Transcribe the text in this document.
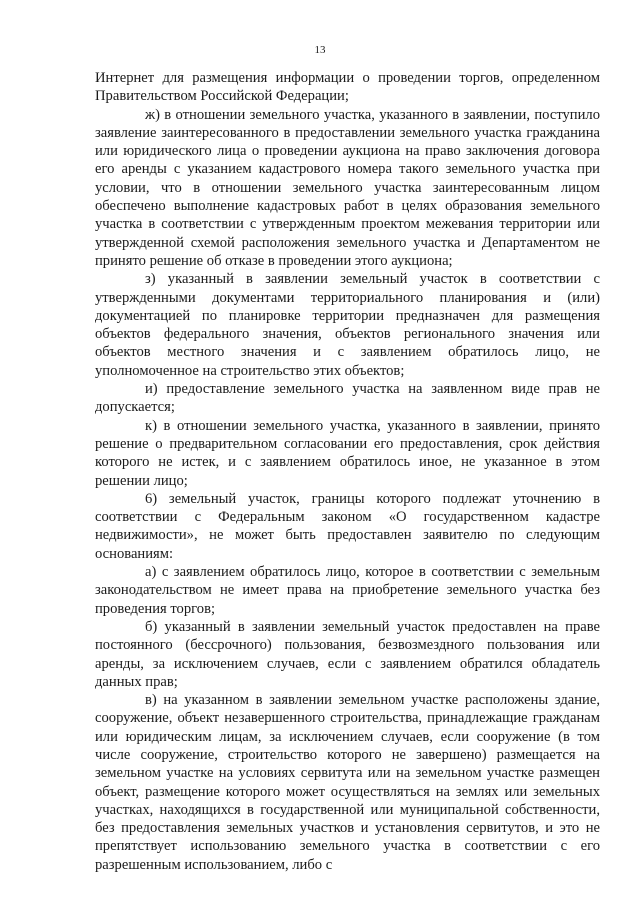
13

Интернет для размещения информации о проведении торгов, определенном Правительством Российской Федерации;

ж) в отношении земельного участка, указанного в заявлении, поступило заявление заинтересованного в предоставлении земельного участка гражданина или юридического лица о проведении аукциона на право заключения договора его аренды с указанием кадастрового номера такого земельного участка при условии, что в отношении земельного участка заинтересованным лицом обеспечено выполнение кадастровых работ в целях образования земельного участка в соответствии с утвержденным проектом межевания территории или утвержденной схемой расположения земельного участка и Департаментом не принято решение об отказе в проведении этого аукциона;

з) указанный в заявлении земельный участок в соответствии с утвержденными документами территориального планирования и (или) документацией по планировке территории предназначен для размещения объектов федерального значения, объектов регионального значения или объектов местного значения и с заявлением обратилось лицо, не уполномоченное на строительство этих объектов;

и) предоставление земельного участка на заявленном виде прав не допускается;

к) в отношении земельного участка, указанного в заявлении, принято решение о предварительном согласовании его предоставления, срок действия которого не истек, и с заявлением обратилось иное, не указанное в этом решении лицо;

6) земельный участок, границы которого подлежат уточнению в соответствии с Федеральным законом «О государственном кадастре недвижимости», не может быть предоставлен заявителю по следующим основаниям:

а) с заявлением обратилось лицо, которое в соответствии с земельным законодательством не имеет права на приобретение земельного участка без проведения торгов;

б) указанный в заявлении земельный участок предоставлен на праве постоянного (бессрочного) пользования, безвозмездного пользования или аренды, за исключением случаев, если с заявлением обратился обладатель данных прав;

в) на указанном в заявлении земельном участке расположены здание, сооружение, объект незавершенного строительства, принадлежащие гражданам или юридическим лицам, за исключением случаев, если сооружение (в том числе сооружение, строительство которого не завершено) размещается на земельном участке на условиях сервитута или на земельном участке размещен объект, размещение которого может осуществляться на землях или земельных участках, находящихся в государственной или муниципальной собственности, без предоставления земельных участков и установления сервитутов, и это не препятствует использованию земельного участка в соответствии с его разрешенным использованием, либо с
